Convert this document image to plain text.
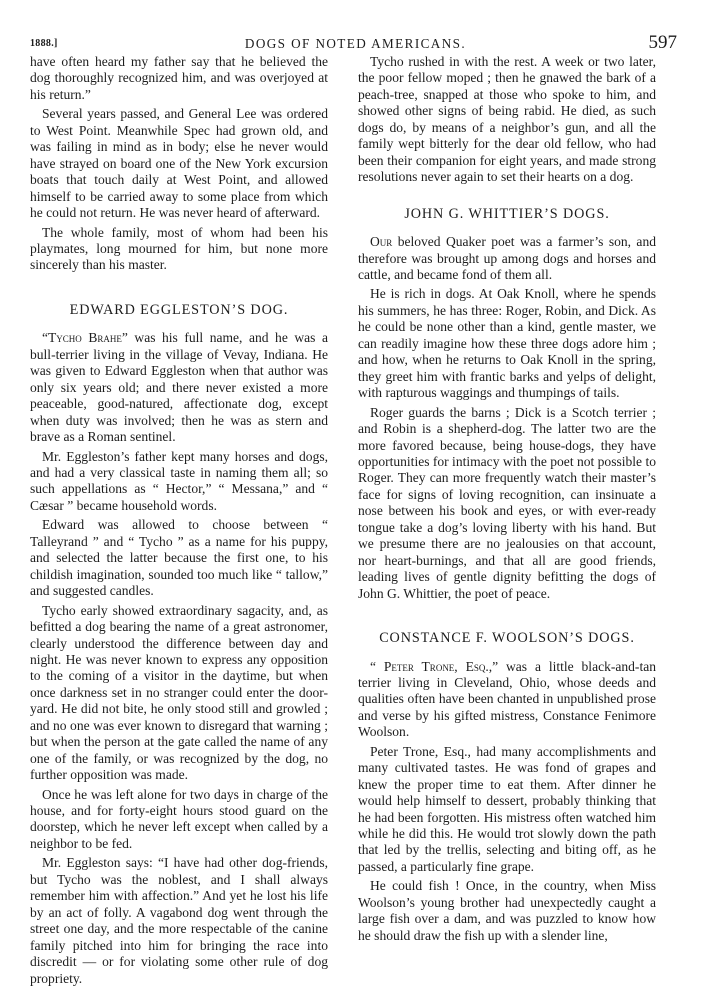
1888.]	DOGS OF NOTED AMERICANS.	597

have often heard my father say that he believed the dog thoroughly recognized him, and was overjoyed at his return.”

Several years passed, and General Lee was ordered to West Point. Meanwhile Spec had grown old, and was failing in mind as in body; else he never would have strayed on board one of the New York excursion boats that touch daily at West Point, and allowed himself to be carried away to some place from which he could not return. He was never heard of afterward.

The whole family, most of whom had been his playmates, long mourned for him, but none more sincerely than his master.

EDWARD EGGLESTON’S DOG.

“Tycho Brahe” was his full name, and he was a bull-terrier living in the village of Vevay, Indiana. He was given to Edward Eggleston when that author was only six years old; and there never existed a more peaceable, good-natured, affectionate dog, except when duty was involved; then he was as stern and brave as a Roman sentinel.

Mr. Eggleston’s father kept many horses and dogs, and had a very classical taste in naming them all; so such appellations as “ Hector,” “ Messana,” and “ Cæsar ” became household words.

Edward was allowed to choose between “ Talleyrand ” and “ Tycho ” as a name for his puppy, and selected the latter because the first one, to his childish imagination, sounded too much like “ tallow,” and suggested candles.

Tycho early showed extraordinary sagacity, and, as befitted a dog bearing the name of a great astronomer, clearly understood the difference between day and night. He was never known to express any opposition to the coming of a visitor in the daytime, but when once darkness set in no stranger could enter the door-yard. He did not bite, he only stood still and growled ; and no one was ever known to disregard that warning ; but when the person at the gate called the name of any one of the family, or was recognized by the dog, no further opposition was made.

Once he was left alone for two days in charge of the house, and for forty-eight hours stood guard on the doorstep, which he never left except when called by a neighbor to be fed.

Mr. Eggleston says: “I have had other dog-friends, but Tycho was the noblest, and I shall always remember him with affection.” And yet he lost his life by an act of folly. A vagabond dog went through the street one day, and the more respectable of the canine family pitched into him for bringing the race into discredit — or for violating some other rule of dog propriety.

Tycho rushed in with the rest. A week or two later, the poor fellow moped ; then he gnawed the bark of a peach-tree, snapped at those who spoke to him, and showed other signs of being rabid. He died, as such dogs do, by means of a neighbor’s gun, and all the family wept bitterly for the dear old fellow, who had been their companion for eight years, and made strong resolutions never again to set their hearts on a dog.

JOHN G. WHITTIER’S DOGS.

Our beloved Quaker poet was a farmer’s son, and therefore was brought up among dogs and horses and cattle, and became fond of them all.

He is rich in dogs. At Oak Knoll, where he spends his summers, he has three: Roger, Robin, and Dick. As he could be none other than a kind, gentle master, we can readily imagine how these three dogs adore him ; and how, when he returns to Oak Knoll in the spring, they greet him with frantic barks and yelps of delight, with rapturous waggings and thumpings of tails.

Roger guards the barns ; Dick is a Scotch terrier ; and Robin is a shepherd-dog. The latter two are the more favored because, being house-dogs, they have opportunities for intimacy with the poet not possible to Roger. They can more frequently watch their master’s face for signs of loving recognition, can insinuate a nose between his book and eyes, or with ever-ready tongue take a dog’s loving liberty with his hand. But we presume there are no jealousies on that account, nor heart-burnings, and that all are good friends, leading lives of gentle dignity befitting the dogs of John G. Whittier, the poet of peace.

CONSTANCE F. WOOLSON’S DOGS.

“ Peter Trone, Esq.,” was a little black-and-tan terrier living in Cleveland, Ohio, whose deeds and qualities often have been chanted in unpublished prose and verse by his gifted mistress, Constance Fenimore Woolson.

Peter Trone, Esq., had many accomplishments and many cultivated tastes. He was fond of grapes and knew the proper time to eat them. After dinner he would help himself to dessert, probably thinking that he had been forgotten. His mistress often watched him while he did this. He would trot slowly down the path that led by the trellis, selecting and biting off, as he passed, a particularly fine grape.

He could fish ! Once, in the country, when Miss Woolson’s young brother had unexpectedly caught a large fish over a dam, and was puzzled to know how he should draw the fish up with a slender line,
